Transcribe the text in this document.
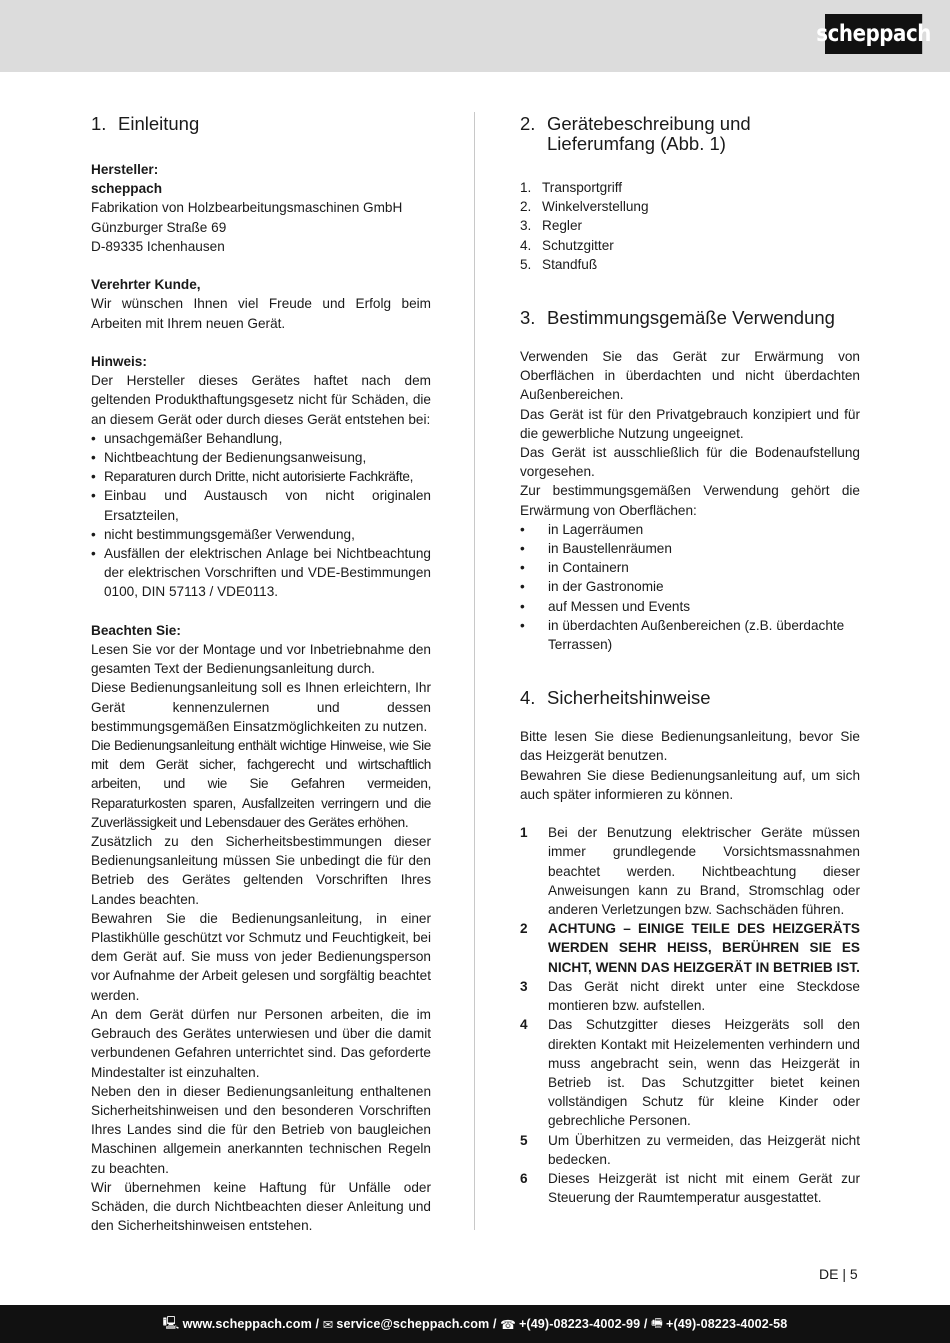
scheppach
1. Einleitung

Hersteller:

scheppach

Fabrikation von Holzbearbeitungsmaschinen GmbH

Günzburger Straße 69

D-89335 Ichenhausen

Verehrter Kunde,

Wir wünschen Ihnen viel Freude und Erfolg beim Arbeiten mit Ihrem neuen Gerät.

Hinweis:

Der Hersteller dieses Gerätes haftet nach dem geltenden Produkthaftungsgesetz nicht für Schäden, die an diesem Gerät oder durch dieses Gerät entstehen bei:

• unsachgemäßer Behandlung,
• Nichtbeachtung der Bedienungsanweisung,
• Reparaturen durch Dritte, nicht autorisierte Fachkräfte,
• Einbau und Austausch von nicht originalen Ersatzteilen,
• nicht bestimmungsgemäßer Verwendung,
• Ausfällen der elektrischen Anlage bei Nichtbeachtung der elektrischen Vorschriften und VDE-Bestimmungen 0100, DIN 57113 / VDE0113.

Beachten Sie:

Lesen Sie vor der Montage und vor Inbetriebnahme den gesamten Text der Bedienungsanleitung durch.

Diese Bedienungsanleitung soll es Ihnen erleichtern, Ihr Gerät kennenzulernen und dessen bestimmungsgemäßen Einsatzmöglichkeiten zu nutzen.

Die Bedienungsanleitung enthält wichtige Hinweise, wie Sie mit dem Gerät sicher, fachgerecht und wirtschaftlich arbeiten, und wie Sie Gefahren vermeiden, Reparaturkosten sparen, Ausfallzeiten verringern und die Zuverlässigkeit und Lebensdauer des Gerätes erhöhen.

Zusätzlich zu den Sicherheitsbestimmungen dieser Bedienungsanleitung müssen Sie unbedingt die für den Betrieb des Gerätes geltenden Vorschriften Ihres Landes beachten.

Bewahren Sie die Bedienungsanleitung, in einer Plastikhülle geschützt vor Schmutz und Feuchtigkeit, bei dem Gerät auf. Sie muss von jeder Bedienungsperson vor Aufnahme der Arbeit gelesen und sorgfältig beachtet werden.

An dem Gerät dürfen nur Personen arbeiten, die im Gebrauch des Gerätes unterwiesen und über die damit verbundenen Gefahren unterrichtet sind. Das geforderte Mindestalter ist einzuhalten.

Neben den in dieser Bedienungsanleitung enthaltenen Sicherheitshinweisen und den besonderen Vorschriften Ihres Landes sind die für den Betrieb von baugleichen Maschinen allgemein anerkannten technischen Regeln zu beachten.

Wir übernehmen keine Haftung für Unfälle oder Schäden, die durch Nichtbeachten dieser Anleitung und den Sicherheitshinweisen entstehen.

2. Gerätebeschreibung und Lieferumfang (Abb. 1)
1. Transportgriff
2. Winkelverstellung
3. Regler
4. Schutzgitter
5. Standfuß
3. Bestimmungsgemäße Verwendung

Verwenden Sie das Gerät zur Erwärmung von Oberflächen in überdachten und nicht überdachten Außenbereichen.

Das Gerät ist für den Privatgebrauch konzipiert und für die gewerbliche Nutzung ungeeignet.

Das Gerät ist ausschließlich für die Bodenaufstellung vorgesehen.

Zur bestimmungsgemäßen Verwendung gehört die Erwärmung von Oberflächen:

• in Lagerräumen
• in Baustellenräumen
• in Containern
• in der Gastronomie
• auf Messen und Events
• in überdachten Außenbereichen (z.B. überdachte Terrassen)
4. Sicherheitshinweise

Bitte lesen Sie diese Bedienungsanleitung, bevor Sie das Heizgerät benutzen.

Bewahren Sie diese Bedienungsanleitung auf, um sich auch später informieren zu können.

1	Bei der Benutzung elektrischer Geräte müssen immer grundlegende Vorsichtsmassnahmen beachtet werden. Nichtbeachtung dieser Anweisungen kann zu Brand, Stromschlag oder anderen Verletzungen bzw. Sachschäden führen.
2	ACHTUNG – EINIGE TEILE DES HEIZGERÄTS WERDEN SEHR HEISS, BERÜHREN SIE ES NICHT, WENN DAS HEIZGERÄT IN BETRIEB IST.
3	Das Gerät nicht direkt unter eine Steckdose montieren bzw. aufstellen.
4	Das Schutzgitter dieses Heizgeräts soll den direkten Kontakt mit Heizelementen verhindern und muss angebracht sein, wenn das Heizgerät in Betrieb ist. Das Schutzgitter bietet keinen vollständigen Schutz für kleine Kinder oder gebrechliche Personen.
5	Um Überhitzen zu vermeiden, das Heizgerät nicht bedecken.
6	Dieses Heizgerät ist nicht mit einem Gerät zur Steuerung der Raumtemperatur ausgestattet.
DE | 5
🖳 www.scheppach.com /
✉ service@scheppach.com /
☎ +(49)-08223-4002-99 /
🖷 +(49)-08223-4002-58
